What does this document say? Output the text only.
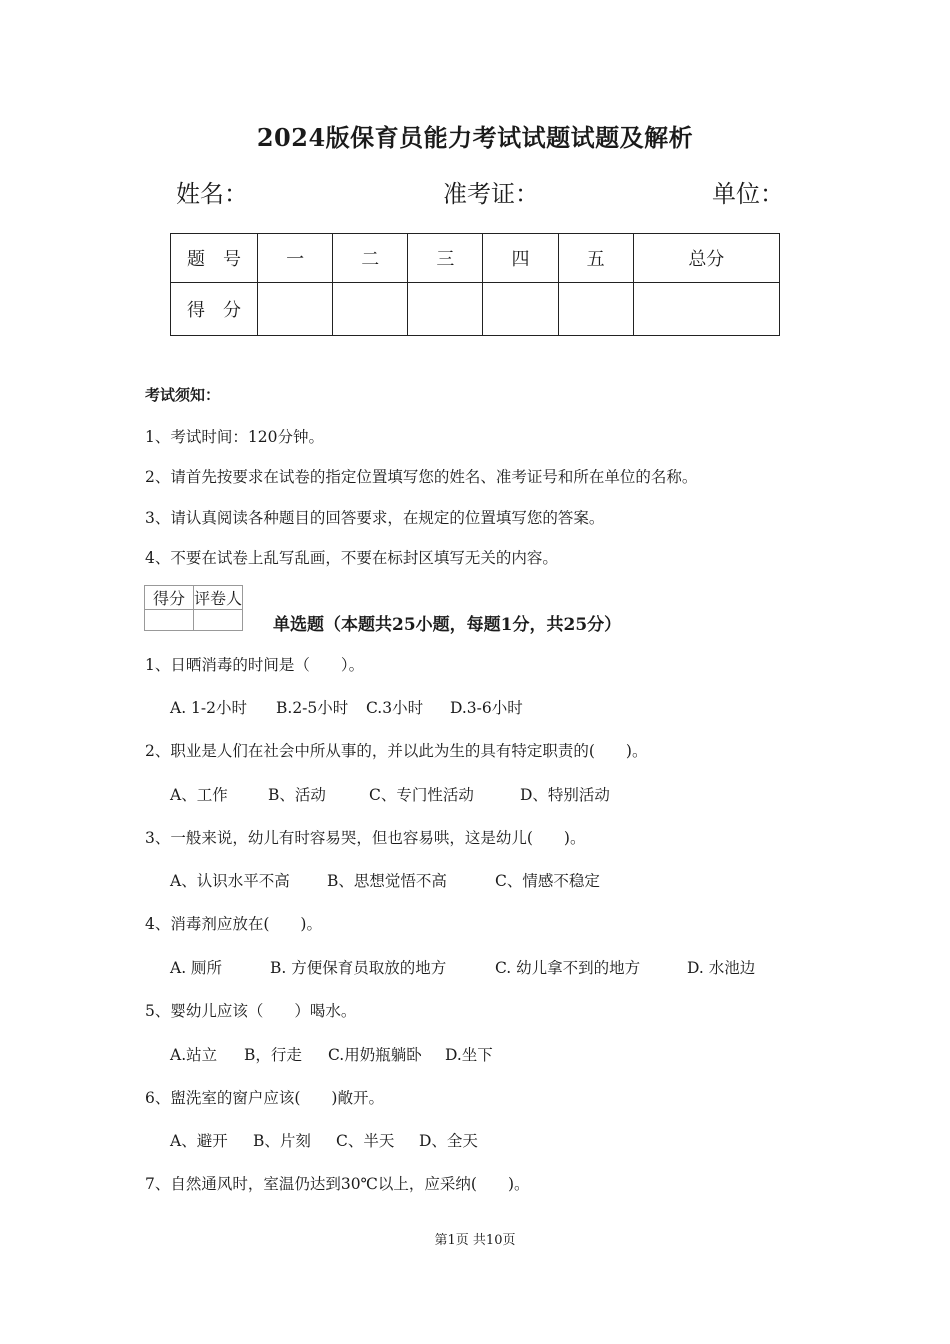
2024版保育员能力考试试题试题及解析
姓名：	准考证：	单位：
题　号	一	二	三	四	五	总分
得　分						
考试须知：
1、考试时间：120分钟。
2、请首先按要求在试卷的指定位置填写您的姓名、准考证号和所在单位的名称。
3、请认真阅读各种题目的回答要求，在规定的位置填写您的答案。
4、不要在试卷上乱写乱画，不要在标封区填写无关的内容。
得分	评卷人

单选题（本题共25小题，每题1分，共25分）
1、日晒消毒的时间是（　　）。
A. 1-2小时 B.2-5小时 C.3小时 D.3-6小时
2、职业是人们在社会中所从事的，并以此为生的具有特定职责的(　　)。
A、工作	B、活动	C、专门性活动	D、特别活动
3、一般来说，幼儿有时容易哭，但也容易哄，这是幼儿(　　)。
A、认识水平不高 B、思想觉悟不高	C、情感不稳定
4、消毒剂应放在(　　)。
A. 厕所	B. 方便保育员取放的地方	C. 幼儿拿不到的地方	D. 水池边
5、婴幼儿应该（　　）喝水。
A.站立 B，行走 C.用奶瓶躺卧 D.坐下
6、盥洗室的窗户应该(　　)敞开。
A、避开 B、片刻 C、半天 D、全天
7、自然通风时，室温仍达到30℃以上，应采纳(　　)。
第1页 共10页
